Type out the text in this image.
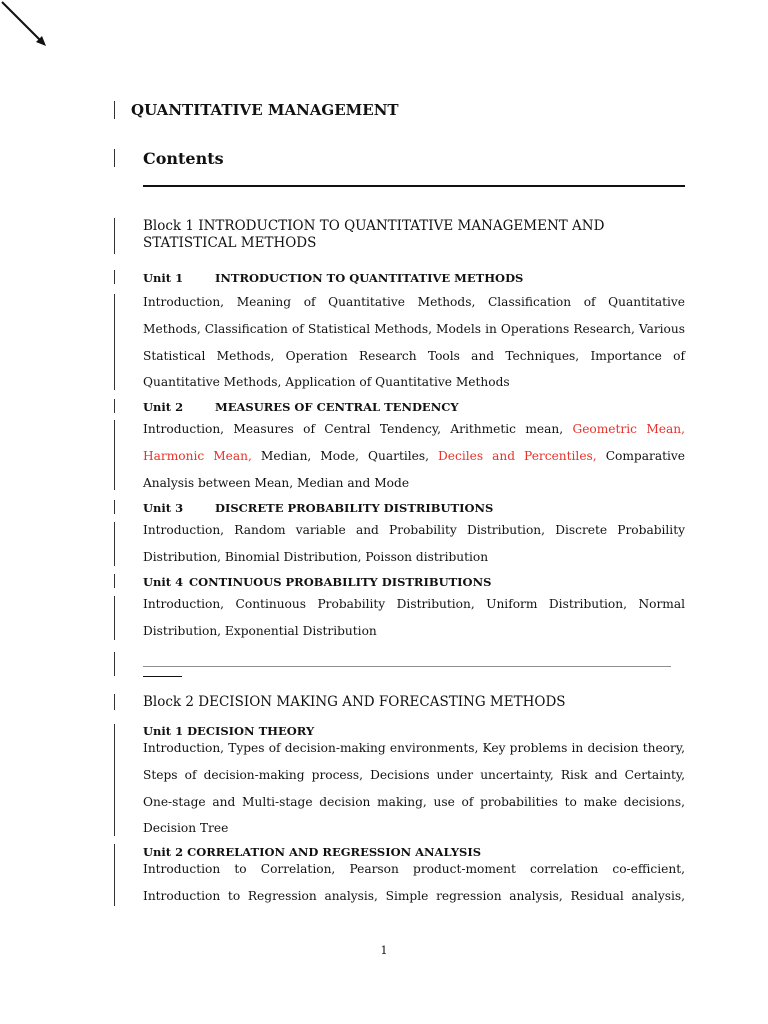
QUANTITATIVE MANAGEMENT
Contents
Block 1 INTRODUCTION TO QUANTITATIVE MANAGEMENT AND STATISTICAL METHODS
Unit 1	INTRODUCTION TO QUANTITATIVE METHODS

Introduction, Meaning of Quantitative Methods, Classification of Quantitative Methods, Classification of Statistical Methods, Models in Operations Research, Various Statistical Methods, Operation Research Tools and Techniques, Importance of Quantitative Methods, Application of Quantitative Methods

Unit 2	MEASURES OF CENTRAL TENDENCY

Introduction, Measures of Central Tendency, Arithmetic mean, Geometric Mean, Harmonic Mean, Median, Mode, Quartiles, Deciles and Percentiles, Comparative Analysis between Mean, Median and Mode

Unit 3	DISCRETE PROBABILITY DISTRIBUTIONS

Introduction, Random variable and Probability Distribution, Discrete Probability Distribution, Binomial Distribution, Poisson distribution

Unit 4 CONTINUOUS PROBABILITY DISTRIBUTIONS

Introduction, Continuous Probability Distribution, Uniform Distribution, Normal Distribution, Exponential Distribution

________________________________________________________________________________________
Block 2 DECISION MAKING AND FORECASTING METHODS
Unit 1 DECISION THEORY

Introduction, Types of decision-making environments, Key problems in decision theory, Steps of decision-making process, Decisions under uncertainty, Risk and Certainty, One-stage and Multi-stage decision making, use of probabilities to make decisions, Decision Tree

Unit 2 CORRELATION AND REGRESSION ANALYSIS

Introduction to Correlation, Pearson product-moment correlation co-efficient, Introduction to Regression analysis, Simple regression analysis, Residual analysis,

1
